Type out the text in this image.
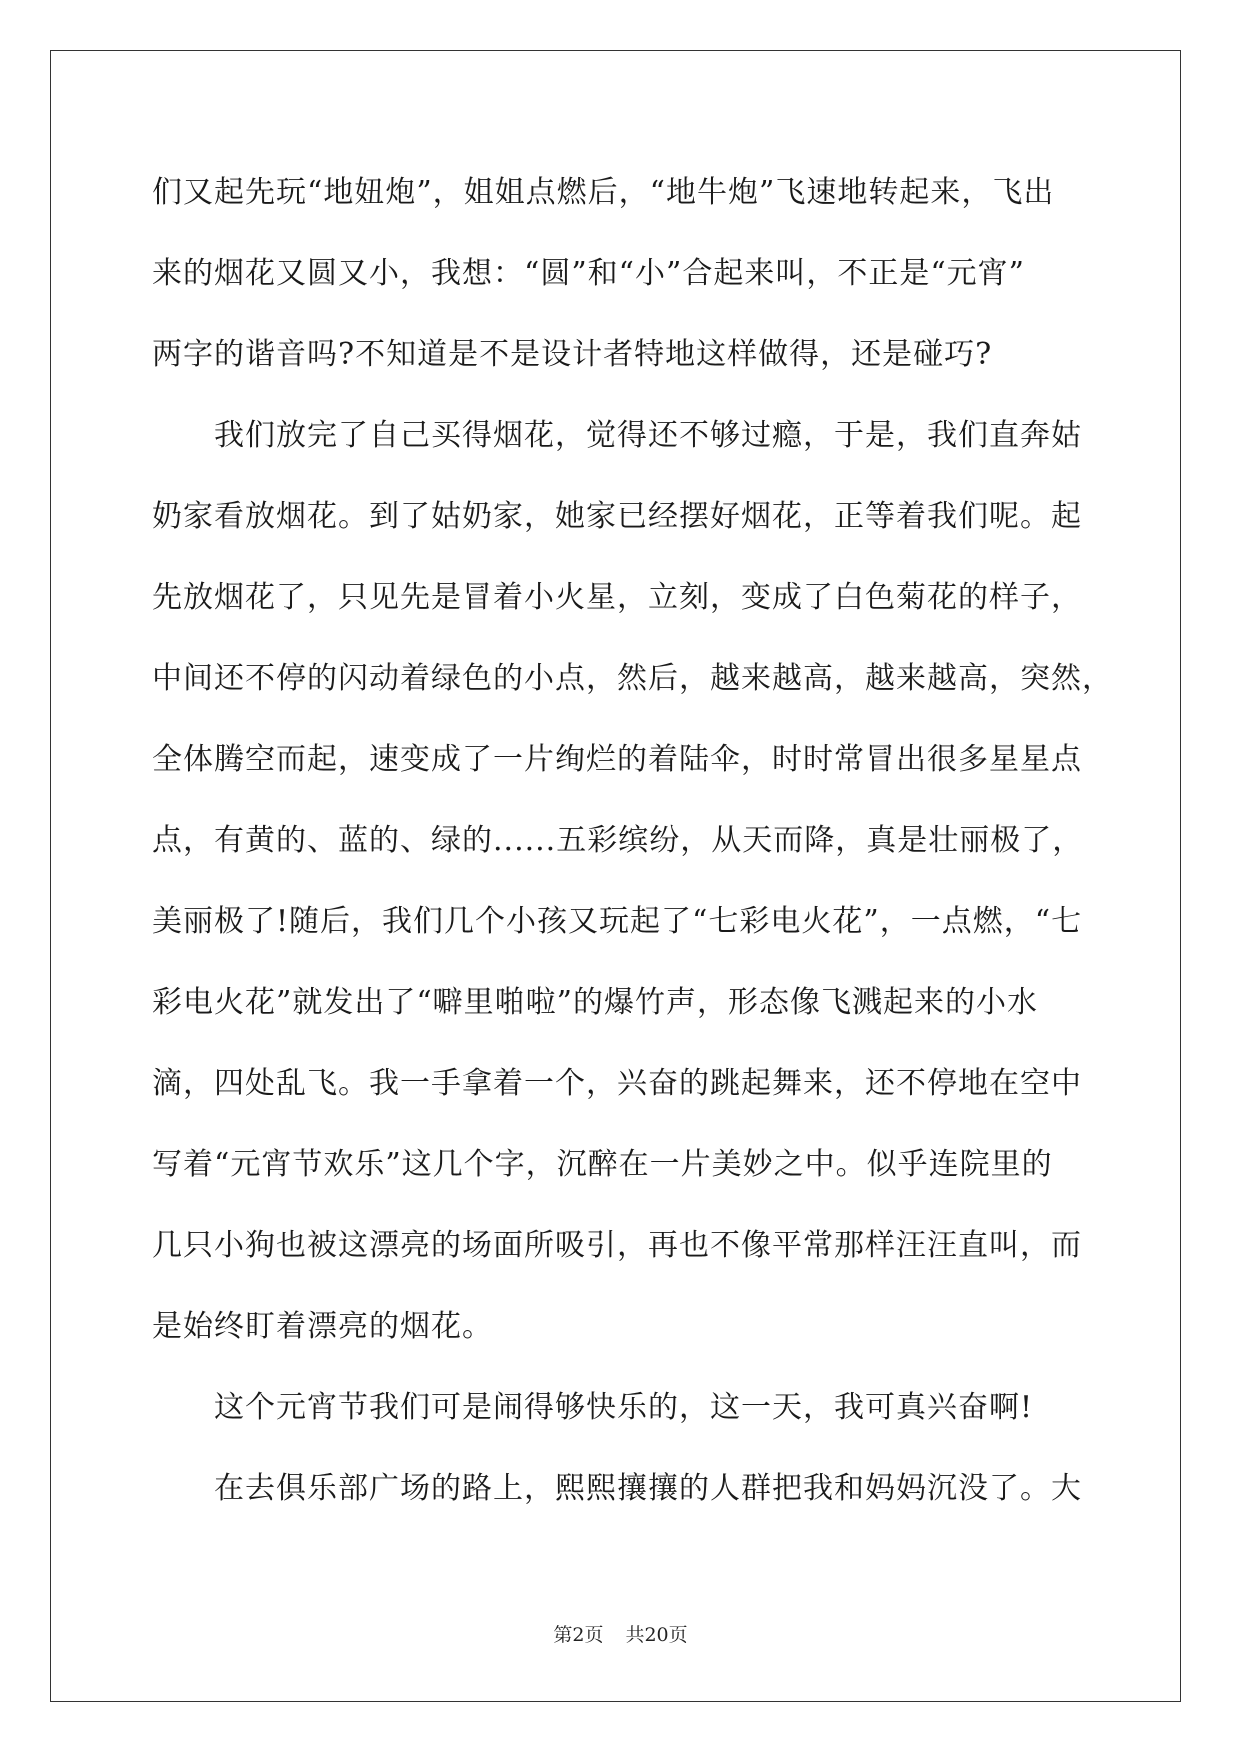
们又起先玩“地妞炮”，姐姐点燃后，“地牛炮”飞速地转起来，飞出
来的烟花又圆又小，我想：“圆”和“小”合起来叫，不正是“元宵”
两字的谐音吗?不知道是不是设计者特地这样做得，还是碰巧?
我们放完了自己买得烟花，觉得还不够过瘾，于是，我们直奔姑
奶家看放烟花。到了姑奶家，她家已经摆好烟花，正等着我们呢。起
先放烟花了，只见先是冒着小火星，立刻，变成了白色菊花的样子，
中间还不停的闪动着绿色的小点，然后，越来越高，越来越高，突然，
全体腾空而起，速变成了一片绚烂的着陆伞，时时常冒出很多星星点
点，有黄的、蓝的、绿的......五彩缤纷，从天而降，真是壮丽极了，
美丽极了!随后，我们几个小孩又玩起了“七彩电火花”，一点燃，“七
彩电火花”就发出了“噼里啪啦”的爆竹声，形态像飞溅起来的小水
滴，四处乱飞。我一手拿着一个，兴奋的跳起舞来，还不停地在空中
写着“元宵节欢乐”这几个字，沉醉在一片美妙之中。似乎连院里的
几只小狗也被这漂亮的场面所吸引，再也不像平常那样汪汪直叫，而
是始终盯着漂亮的烟花。
这个元宵节我们可是闹得够快乐的，这一天，我可真兴奋啊!
在去俱乐部广场的路上，熙熙攘攘的人群把我和妈妈沉没了。大
第2页 共20页
